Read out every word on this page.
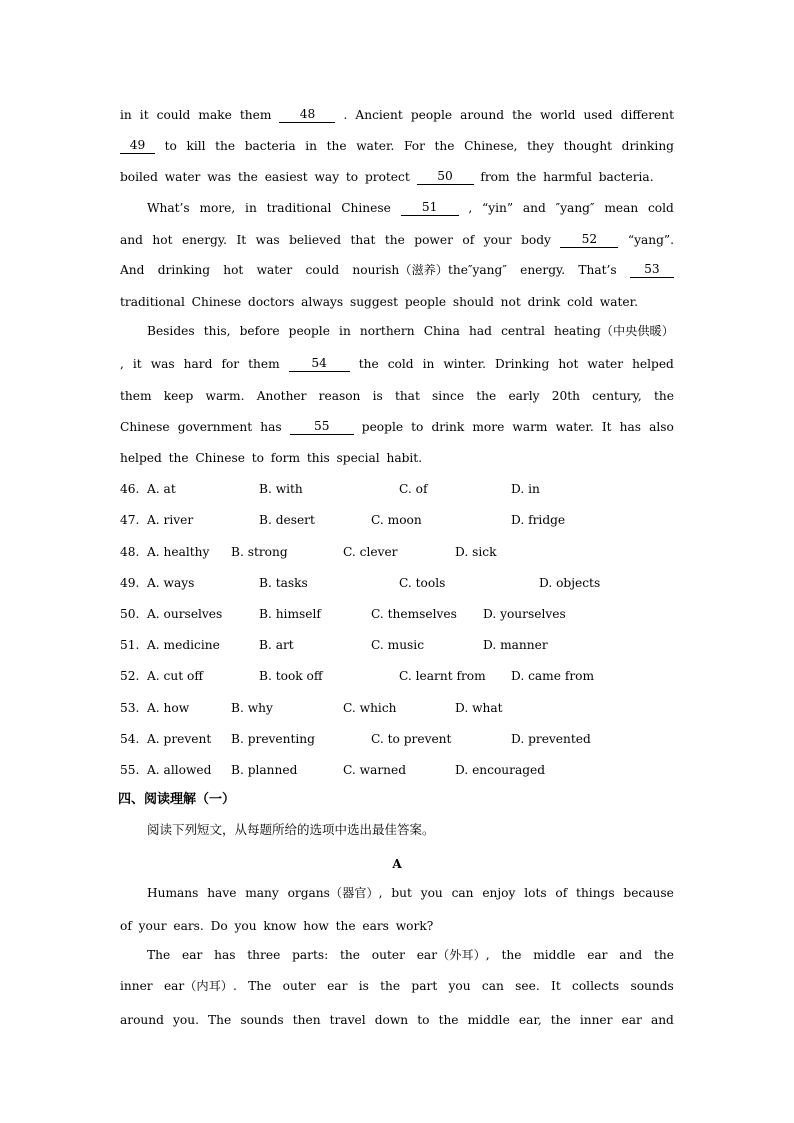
in it could make them	48	. Ancient people around the world used different
49	to kill the bacteria in the water. For the Chinese, they thought drinking
boiled water was the easiest way to protect	50	from the harmful bacteria.
What’s more, in traditional Chinese	51	, “yin” and ″yang″ mean cold
and hot energy. It was believed that the power of your body	52	“yang”.
And drinking hot water could nourish（滋养）the″yang″ energy. That’s	53
traditional Chinese doctors always suggest people should not drink cold water.
Besides this, before people in northern China had central heating（中央供暖）
, it was hard for them	54	the cold in winter. Drinking hot water helped
them keep warm. Another reason is that since the early 20th century, the
Chinese government has	55	people to drink more warm water. It has also
helped the Chinese to form this special habit.
46. A. at	B. with	C. of	D. in
47. A. river	B. desert	C. moon	D. fridge
48. A. healthy B. strong	C. clever	D. sick
49. A. ways	B. tasks	C. tools	D. objects
50. A. ourselves	B. himself	C. themselves D. yourselves
51. A. medicine	B. art	C. music	D. manner
52. A. cut off	B. took off	C. learnt from D. came from
53. A. how	B. why	C. which	D. what
54. A. prevent B. preventing	C. to prevent	D. prevented
55. A. allowed B. planned	C. warned	D. encouraged
四、阅读理解（一）
阅读下列短文，从每题所给的选项中选出最佳答案。
A
Humans have many organs（器官）, but you can enjoy lots of things because
of your ears. Do you know how the ears work?
The ear has three parts: the outer ear（外耳）, the middle ear and the
inner ear（内耳）. The outer ear is the part you can see. It collects sounds
around you. The sounds then travel down to the middle ear, the inner ear and
